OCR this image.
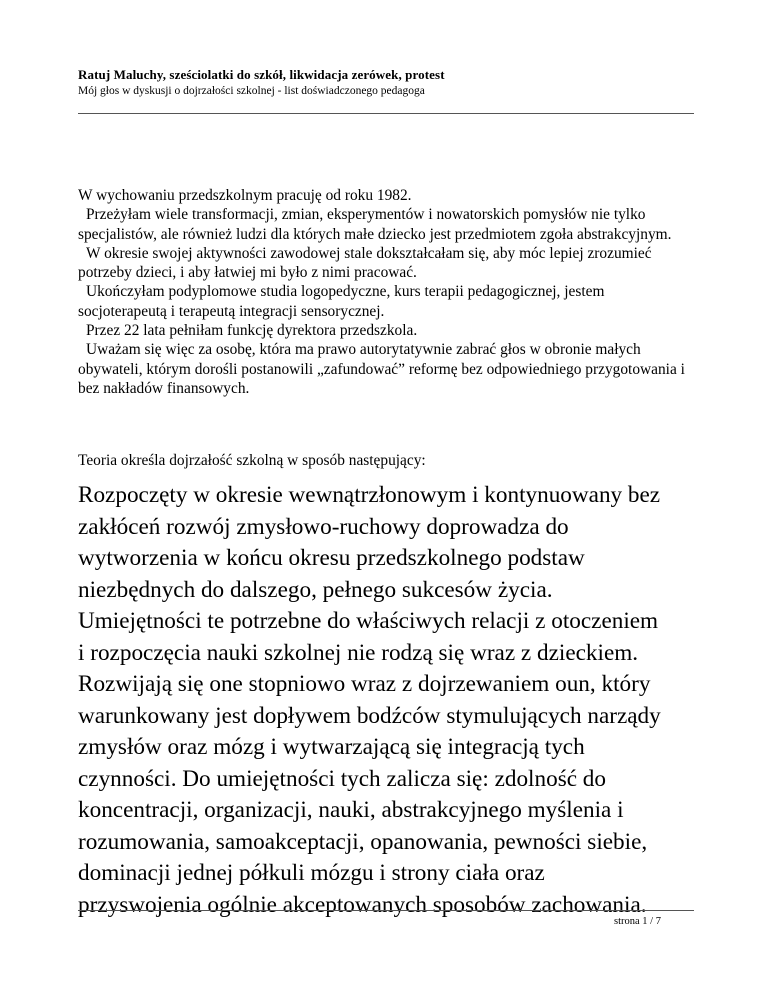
Ratuj Maluchy, sześciolatki do szkół, likwidacja zerówek, protest
Mój głos w dyskusji o dojrzałości szkolnej - list doświadczonego pedagoga

W wychowaniu przedszkolnym pracuję od roku 1982.

Przeżyłam wiele transformacji, zmian, eksperymentów i nowatorskich pomysłów nie tylko specjalistów, ale również ludzi dla których małe dziecko jest przedmiotem zgoła abstrakcyjnym.

W okresie swojej aktywności zawodowej stale dokształcałam się, aby móc lepiej zrozumieć potrzeby dzieci, i aby łatwiej mi było z nimi pracować.

Ukończyłam podyplomowe studia logopedyczne, kurs terapii pedagogicznej, jestem socjoterapeutą i terapeutą integracji sensorycznej.

Przez 22 lata pełniłam funkcję dyrektora przedszkola.

Uważam się więc za osobę, która ma prawo autorytatywnie zabrać głos w obronie małych obywateli, którym dorośli postanowili „zafundować” reformę bez odpowiedniego przygotowania i bez nakładów finansowych.

Teoria określa dojrzałość szkolną w sposób następujący:
Rozpoczęty w okresie wewnątrzłonowym i kontynuowany bez
zakłóceń rozwój zmysłowo-ruchowy doprowadza do
wytworzenia w końcu okresu przedszkolnego podstaw
niezbędnych do dalszego, pełnego sukcesów życia.
Umiejętności te potrzebne do właściwych relacji z otoczeniem
i rozpoczęcia nauki szkolnej nie rodzą się wraz z dzieckiem.
Rozwijają się one stopniowo wraz z dojrzewaniem oun, który
warunkowany jest dopływem bodźców stymulujących narządy
zmysłów oraz mózg i wytwarzającą się integracją tych
czynności. Do umiejętności tych zalicza się: zdolność do
koncentracji, organizacji, nauki, abstrakcyjnego myślenia i
rozumowania, samoakceptacji, opanowania, pewności siebie,
dominacji jednej półkuli mózgu i strony ciała oraz
przyswojenia ogólnie akceptowanych sposobów zachowania.
strona 1 / 7
